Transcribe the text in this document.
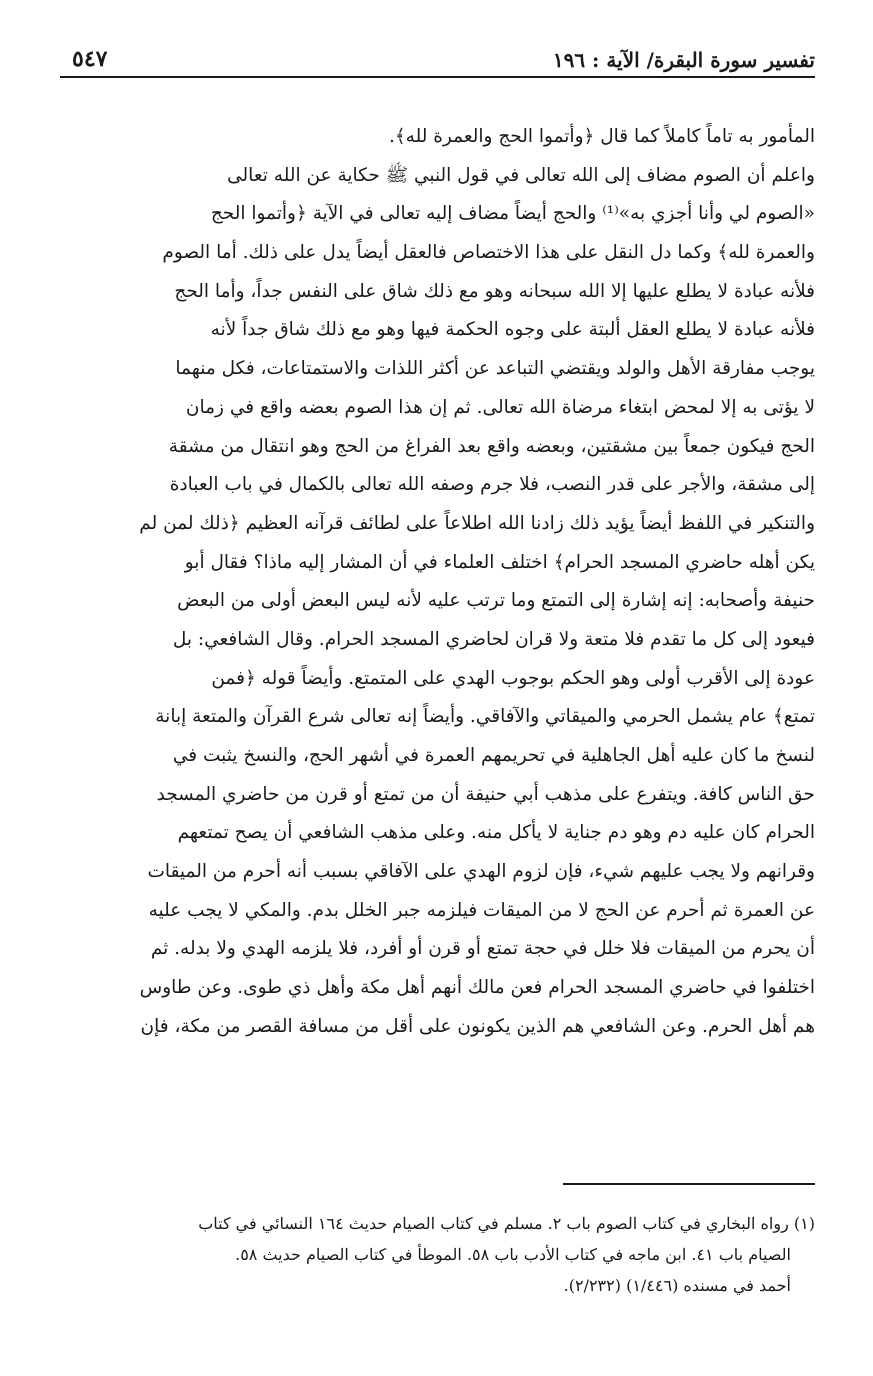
تفسير سورة البقرة/ الآية : ١٩٦
٥٤٧
المأمور به تاماً كاملاً كما قال ﴿وأتموا الحج والعمرة لله﴾.
واعلم أن الصوم مضاف إلى الله تعالى في قول النبي ﷺ حكاية عن الله تعالى
«الصوم لي وأنا أجزي به»⁽¹⁾ والحج أيضاً مضاف إليه تعالى في الآية ﴿وأتموا الحج
والعمرة لله﴾ وكما دل النقل على هذا الاختصاص فالعقل أيضاً يدل على ذلك. أما الصوم
فلأنه عبادة لا يطلع عليها إلا الله سبحانه وهو مع ذلك شاق على النفس جداً، وأما الحج
فلأنه عبادة لا يطلع العقل ألبتة على وجوه الحكمة فيها وهو مع ذلك شاق جداً لأنه
يوجب مفارقة الأهل والولد ويقتضي التباعد عن أكثر اللذات والاستمتاعات، فكل منهما
لا يؤتى به إلا لمحض ابتغاء مرضاة الله تعالى. ثم إن هذا الصوم بعضه واقع في زمان
الحج فيكون جمعاً بين مشقتين، وبعضه واقع بعد الفراغ من الحج وهو انتقال من مشقة
إلى مشقة، والأجر على قدر النصب، فلا جرم وصفه الله تعالى بالكمال في باب العبادة
والتنكير في اللفظ أيضاً يؤيد ذلك زادنا الله اطلاعاً على لطائف قرآنه العظيم ﴿ذلك لمن لم
يكن أهله حاضري المسجد الحرام﴾ اختلف العلماء في أن المشار إليه ماذا؟ فقال أبو
حنيفة وأصحابه: إنه إشارة إلى التمتع وما ترتب عليه لأنه ليس البعض أولى من البعض
فيعود إلى كل ما تقدم فلا متعة ولا قران لحاضري المسجد الحرام. وقال الشافعي: بل
عودة إلى الأقرب أولى وهو الحكم بوجوب الهدي على المتمتع. وأيضاً قوله ﴿فمن
تمتع﴾ عام يشمل الحرمي والميقاتي والآفاقي. وأيضاً إنه تعالى شرع القرآن والمتعة إبانة
لنسخ ما كان عليه أهل الجاهلية في تحريمهم العمرة في أشهر الحج، والنسخ يثبت في
حق الناس كافة. ويتفرع على مذهب أبي حنيفة أن من تمتع أو قرن من حاضري المسجد
الحرام كان عليه دم وهو دم جناية لا يأكل منه. وعلى مذهب الشافعي أن يصح تمتعهم
وقرانهم ولا يجب عليهم شيء، فإن لزوم الهدي على الآفاقي بسبب أنه أحرم من الميقات
عن العمرة ثم أحرم عن الحج لا من الميقات فيلزمه جبر الخلل بدم. والمكي لا يجب عليه
أن يحرم من الميقات فلا خلل في حجة تمتع أو قرن أو أفرد، فلا يلزمه الهدي ولا بدله. ثم
اختلفوا في حاضري المسجد الحرام فعن مالك أنهم أهل مكة وأهل ذي طوى. وعن طاوس
هم أهل الحرم. وعن الشافعي هم الذين يكونون على أقل من مسافة القصر من مكة، فإن
(١) رواه البخاري في كتاب الصوم باب ٢. مسلم في كتاب الصيام حديث ١٦٤ النسائي في كتاب
الصيام باب ٤١. ابن ماجه في كتاب الأدب باب ٥٨. الموطأ في كتاب الصيام حديث ٥٨.
أحمد في مسنده (١/٤٤٦) (٢/٢٣٢).
